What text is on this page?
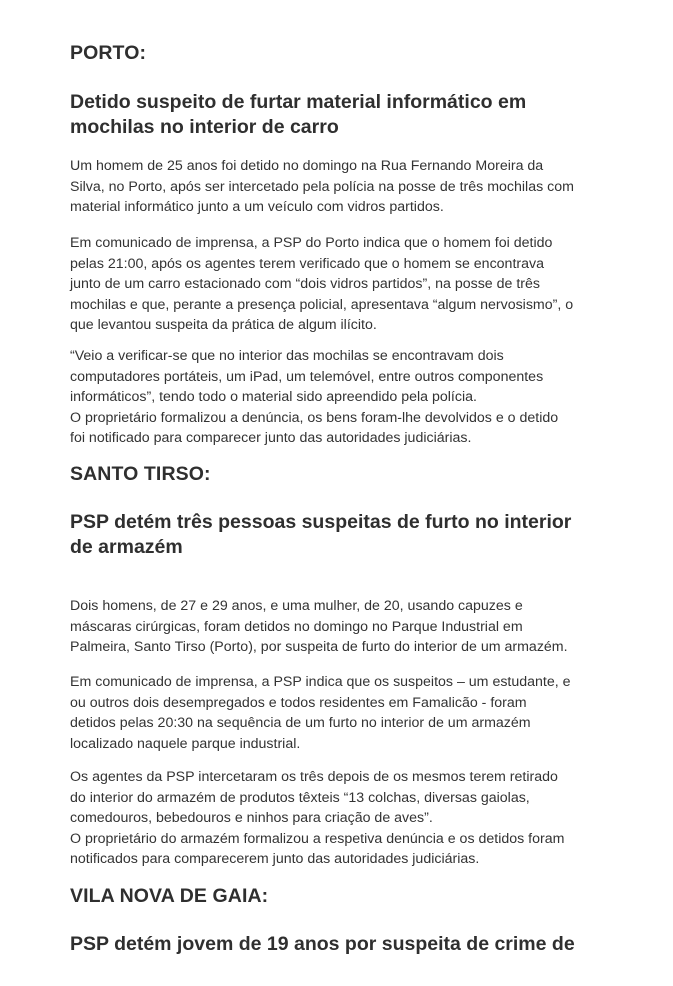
PORTO:
Detido suspeito de furtar material informático em
mochilas no interior de carro

Um homem de 25 anos foi detido no domingo na Rua Fernando Moreira da
Silva, no Porto, após ser intercetado pela polícia na posse de três mochilas com
material informático junto a um veículo com vidros partidos.

Em comunicado de imprensa, a PSP do Porto indica que o homem foi detido
pelas 21:00, após os agentes terem verificado que o homem se encontrava
junto de um carro estacionado com “dois vidros partidos”, na posse de três
mochilas e que, perante a presença policial, apresentava “algum nervosismo”, o
que levantou suspeita da prática de algum ilícito.

“Veio a verificar-se que no interior das mochilas se encontravam dois
computadores portáteis, um iPad, um telemóvel, entre outros componentes
informáticos”, tendo todo o material sido apreendido pela polícia.
O proprietário formalizou a denúncia, os bens foram-lhe devolvidos e o detido
foi notificado para comparecer junto das autoridades judiciárias.

SANTO TIRSO:
PSP detém três pessoas suspeitas de furto no interior
de armazém

Dois homens, de 27 e 29 anos, e uma mulher, de 20, usando capuzes e
máscaras cirúrgicas, foram detidos no domingo no Parque Industrial em
Palmeira, Santo Tirso (Porto), por suspeita de furto do interior de um armazém.

Em comunicado de imprensa, a PSP indica que os suspeitos – um estudante, e
ou outros dois desempregados e todos residentes em Famalicão - foram
detidos pelas 20:30 na sequência de um furto no interior de um armazém
localizado naquele parque industrial.

Os agentes da PSP intercetaram os três depois de os mesmos terem retirado
do interior do armazém de produtos têxteis “13 colchas, diversas gaiolas,
comedouros, bebedouros e ninhos para criação de aves”.
O proprietário do armazém formalizou a respetiva denúncia e os detidos foram
notificados para comparecerem junto das autoridades judiciárias.

VILA NOVA DE GAIA:
PSP detém jovem de 19 anos por suspeita de crime de
